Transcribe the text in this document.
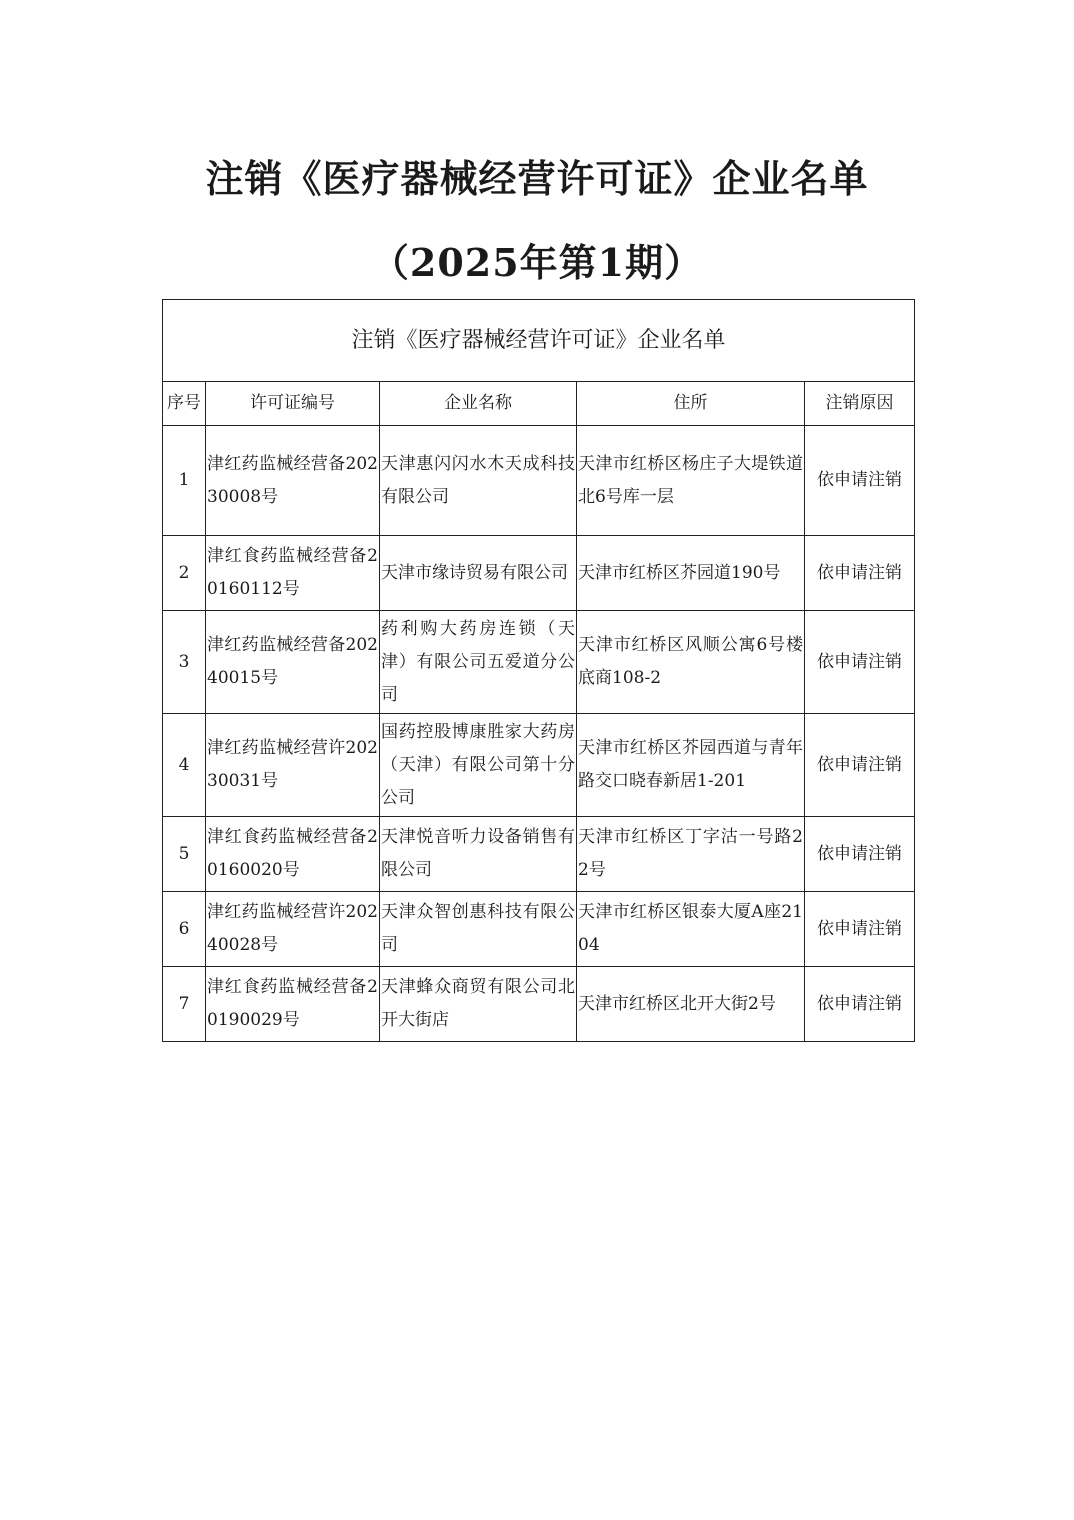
注销《医疗器械经营许可证》企业名单
（2025年第1期）
注销《医疗器械经营许可证》企业名单				
序号	许可证编号	企业名称	住所	注销原因
1	津红药监械经营备20230008号	天津惠闪闪水木天成科技有限公司	天津市红桥区杨庄子大堤铁道北6号库一层	依申请注销
2	津红食药监械经营备20160112号	天津市缘诗贸易有限公司	天津市红桥区芥园道190号	依申请注销
3	津红药监械经营备20240015号	药利购大药房连锁（天津）有限公司五爱道分公司	天津市红桥区风顺公寓6号楼底商108-2	依申请注销
4	津红药监械经营许20230031号	国药控股博康胜家大药房（天津）有限公司第十分公司	天津市红桥区芥园西道与青年路交口晓春新居1-201	依申请注销
5	津红食药监械经营备20160020号	天津悦音听力设备销售有限公司	天津市红桥区丁字沽一号路22号	依申请注销
6	津红药监械经营许20240028号	天津众智创惠科技有限公司	天津市红桥区银泰大厦A座2104	依申请注销
7	津红食药监械经营备20190029号	天津蜂众商贸有限公司北开大街店	天津市红桥区北开大街2号	依申请注销
